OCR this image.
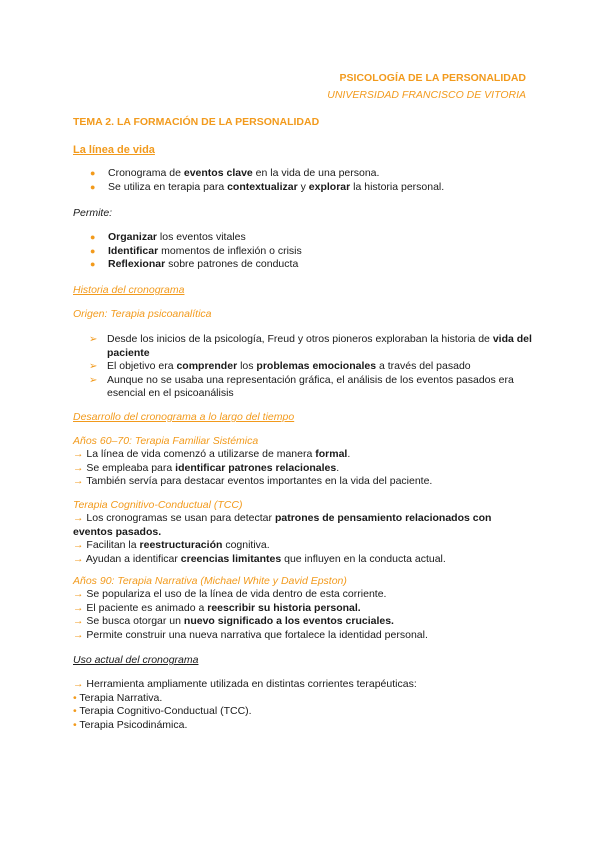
PSICOLOGÍA DE LA PERSONALIDAD
UNIVERSIDAD FRANCISCO DE VITORIA
TEMA 2. LA FORMACIÓN DE LA PERSONALIDAD
La línea de vida
● Cronograma de eventos clave en la vida de una persona.
● Se utiliza en terapia para contextualizar y explorar la historia personal.
Permite:
● Organizar los eventos vitales
● Identificar momentos de inflexión o crisis
● Reflexionar sobre patrones de conducta
Historia del cronograma
Origen: Terapia psicoanalítica
➢ Desde los inicios de la psicología, Freud y otros pioneros exploraban la historia de vida del paciente
➢ El objetivo era comprender los problemas emocionales a través del pasado
➢ Aunque no se usaba una representación gráfica, el análisis de los eventos pasados era esencial en el psicoanálisis
Desarrollo del cronograma a lo largo del tiempo
Años 60–70: Terapia Familiar Sistémica
→ La línea de vida comenzó a utilizarse de manera formal.
→ Se empleaba para identificar patrones relacionales.
→ También servía para destacar eventos importantes en la vida del paciente.
Terapia Cognitivo-Conductual (TCC)
→ Los cronogramas se usan para detectar patrones de pensamiento relacionados con eventos pasados.
→ Facilitan la reestructuración cognitiva.
→ Ayudan a identificar creencias limitantes que influyen en la conducta actual.
Años 90: Terapia Narrativa (Michael White y David Epston)
→ Se populariza el uso de la línea de vida dentro de esta corriente.
→ El paciente es animado a reescribir su historia personal.
→ Se busca otorgar un nuevo significado a los eventos cruciales.
→ Permite construir una nueva narrativa que fortalece la identidad personal.
Uso actual del cronograma
→ Herramienta ampliamente utilizada en distintas corrientes terapéuticas:
• Terapia Narrativa.
• Terapia Cognitivo-Conductual (TCC).
• Terapia Psicodinámica.
